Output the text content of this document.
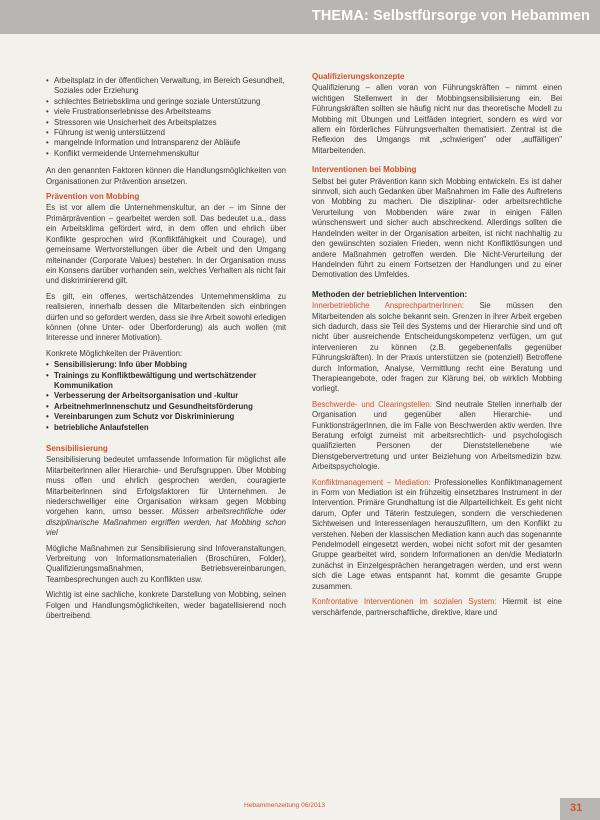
THEMA: Selbstfürsorge von Hebammen
• Arbeitsplatz in der öffentlichen Verwaltung, im Bereich Gesundheit, Soziales oder Erziehung
• schlechtes Betriebsklima und geringe soziale Unterstützung
• viele Frustrationserlebnisse des Arbeitsteams
• Stressoren wie Unsicherheit des Arbeitsplatzes
• Führung ist wenig unterstützend
• mangelnde Information und Intransparenz der Abläufe
• Konflikt vermeidende Unternehmenskultur

An den genannten Faktoren können die Handlungsmöglichkeiten von Organisationen zur Prävention ansetzen.

Prävention von Mobbing

Es ist vor allem die Unternehmenskultur, an der – im Sinne der Primärprävention – gearbeitet werden soll. Das bedeutet u.a., dass ein Arbeitsklima gefördert wird, in dem offen und ehrlich über Konflikte gesprochen wird (Konfliktfähigkeit und Courage), und gemeinsame Wertvorstellungen über die Arbeit und den Umgang miteinander (Corporate Values) bestehen. In der Organisation muss ein Konsens darüber vorhanden sein, welches Verhalten als nicht fair und diskriminierend gilt.

Es gilt, ein offenes, wertschätzendes Unternehmensklima zu realisieren, innerhalb dessen die Mitarbeitenden sich einbringen dürfen und so gefordert werden, dass sie ihre Arbeit sowohl erledigen können (ohne Unter- oder Überforderung) als auch wollen (mit Interesse und innerer Motivation).

Konkrete Möglichkeiten der Prävention:

• Sensibilisierung: Info über Mobbing
• Trainings zu Konfliktbewältigung und wertschätzender Kommunikation
• Verbesserung der Arbeitsorganisation und -kultur
• ArbeitnehmerInnenschutz und Gesundheitsförderung
• Vereinbarungen zum Schutz vor Diskriminierung
• betriebliche Anlaufstellen
Sensibilisierung

Sensibilisierung bedeutet umfassende Information für möglichst alle MitarbeiterInnen aller Hierarchie- und Berufsgruppen. Über Mobbing muss offen und ehrlich gesprochen werden, couragierte MitarbeiterInnen sind Erfolgsfaktoren für Unternehmen. Je niederschwelliger eine Organisation wirksam gegen Mobbing vorgehen kann, umso besser. Müssen arbeitsrechtliche oder disziplinarische Maßnahmen ergriffen werden, hat Mobbing schon viel

Mögliche Maßnahmen zur Sensibilisierung sind Infoveranstaltungen, Verbreitung von Informationsmaterialien (Broschüren, Folder), Qualifizierungsmaßnahmen, Betriebsvereinbarungen, Teambesprechungen auch zu Konflikten usw.

Wichtig ist eine sachliche, konkrete Darstellung von Mobbing, seinen Folgen und Handlungsmöglichkeiten, weder bagatellisierend noch übertreibend.

Qualifizierungskonzepte

Qualifizierung – allen voran von Führungskräften – nimmt einen wichtigen Stellenwert in der Mobbingsensibilisierung ein. Bei Führungskräften sollten sie häufig nicht nur das theoretische Modell zu Mobbing mit Übungen und Leitfäden integriert, sondern es wird vor allem ein förderliches Führungsverhalten thematisiert. Zentral ist die Reflexion des Umgangs mit „schwierigen" oder „auffälligen" Mitarbeitenden.

Interventionen bei Mobbing

Selbst bei guter Prävention kann sich Mobbing entwickeln. Es ist daher sinnvoll, sich auch Gedanken über Maßnahmen im Falle des Auftretens von Mobbing zu machen. Die disziplinar- oder arbeitsrechtliche Verurteilung von Mobbenden wäre zwar in einigen Fällen wünschenswert und sicher auch abschreckend. Allerdings sollten die Handelnden weiter in der Organisation arbeiten, ist nicht nachhaltig zu den gewünschten sozialen Frieden, wenn nicht Konfliktlösungen und andere Maßnahmen getroffen werden. Die Nicht-Verurteilung der Handelnden führt zu einem Fortsetzen der Handlungen und zu einer Demotivation des Umfeldes.

Methoden der betrieblichen Intervention:

Innerbetriebliche AnsprechpartnerInnen: Sie müssen den Mitarbeitenden als solche bekannt sein. Grenzen in ihrer Arbeit ergeben sich dadurch, dass sie Teil des Systems und der Hierarchie sind und oft nicht über ausreichende Entscheidungskompetenz verfügen, um gut intervenieren zu können (z.B. gegebenenfalls gegenüber Führungskräften). In der Praxis unterstützen sie (potenziell) Betroffene durch Information, Analyse, Vermittlung recht eine Beratung und Therapieangebote, oder fragen zur Klärung bei, ob wirklich Mobbing vorliegt.

Beschwerde- und Clearingstellen: Sind neutrale Stellen innerhalb der Organisation und gegenüber allen Hierarchie- und FunktionsträgerInnen, die im Falle von Beschwerden aktiv werden. Ihre Beratung erfolgt zumeist mit arbeitsrechtlich- und psychologisch qualifizierten Personen der Dienststellenebene wie Dienstgebervertretung und unter Beiziehung von Arbeitsmedizin bzw. Arbeitspsychologie.

Konfliktmanagement – Mediation: Professionelles Konfliktmanagement in Form von Mediation ist ein frühzeitig einsetzbares Instrument in der Intervention. Primäre Grundhaltung ist die Allparteilichkeit. Es geht nicht darum, Opfer und Täterin festzulegen, sondern die verschiedenen Sichtweisen und Interessenlagen herauszufiltern, um den Konflikt zu verstehen. Neben der klassischen Mediation kann auch das sogenannte Pendelmodell eingesetzt werden, wobei nicht sofort mit der gesamten Gruppe gearbeitet wird, sondern Informationen an den/die MediatorIn zunächst in Einzelgesprächen herangetragen werden, und erst wenn sich die Lage etwas entspannt hat, kommt die gesamte Gruppe zusammen.

Konfrontative Interventionen im sozialen System: Hiermit ist eine verschärfende, partnerschaftliche, direktive, klare und

Hebammenzeitung 06/2013	31
